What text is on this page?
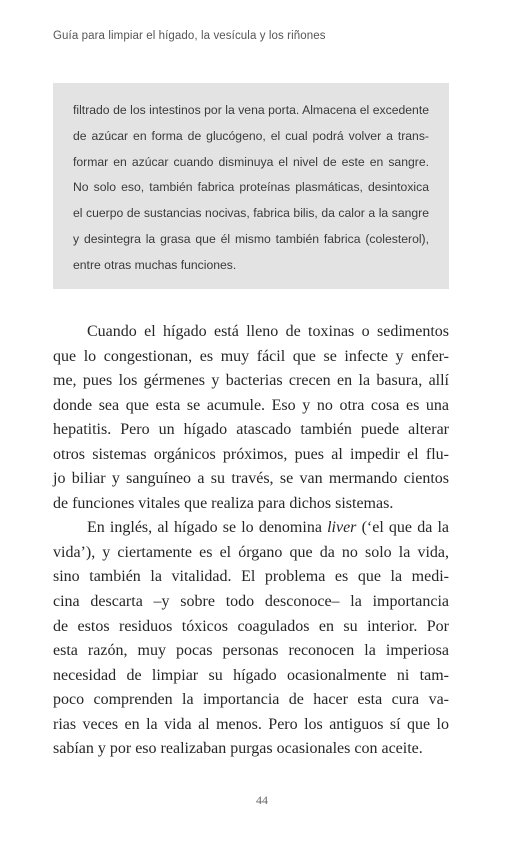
Guía para limpiar el hígado, la vesícula y los riñones
filtrado de los intestinos por la vena porta. Almacena el excedente
de azúcar en forma de glucógeno, el cual podrá volver a trans-
formar en azúcar cuando disminuya el nivel de este en sangre.
No solo eso, también fabrica proteínas plasmáticas, desintoxica
el cuerpo de sustancias nocivas, fabrica bilis, da calor a la sangre
y desintegra la grasa que él mismo también fabrica (colesterol),
entre otras muchas funciones.
Cuando el hígado está lleno de toxinas o sedimentos
que lo congestionan, es muy fácil que se infecte y enfer-
me, pues los gérmenes y bacterias crecen en la basura, allí
donde sea que esta se acumule. Eso y no otra cosa es una
hepatitis. Pero un hígado atascado también puede alterar
otros sistemas orgánicos próximos, pues al impedir el flu-
jo biliar y sanguíneo a su través, se van mermando cientos
de funciones vitales que realiza para dichos sistemas.
En inglés, al hígado se lo denomina liver (‘el que da la
vida’), y ciertamente es el órgano que da no solo la vida,
sino también la vitalidad. El problema es que la medi-
cina descarta –y sobre todo desconoce– la importancia
de estos residuos tóxicos coagulados en su interior. Por
esta razón, muy pocas personas reconocen la imperiosa
necesidad de limpiar su hígado ocasionalmente ni tam-
poco comprenden la importancia de hacer esta cura va-
rias veces en la vida al menos. Pero los antiguos sí que lo
sabían y por eso realizaban purgas ocasionales con aceite.
44
